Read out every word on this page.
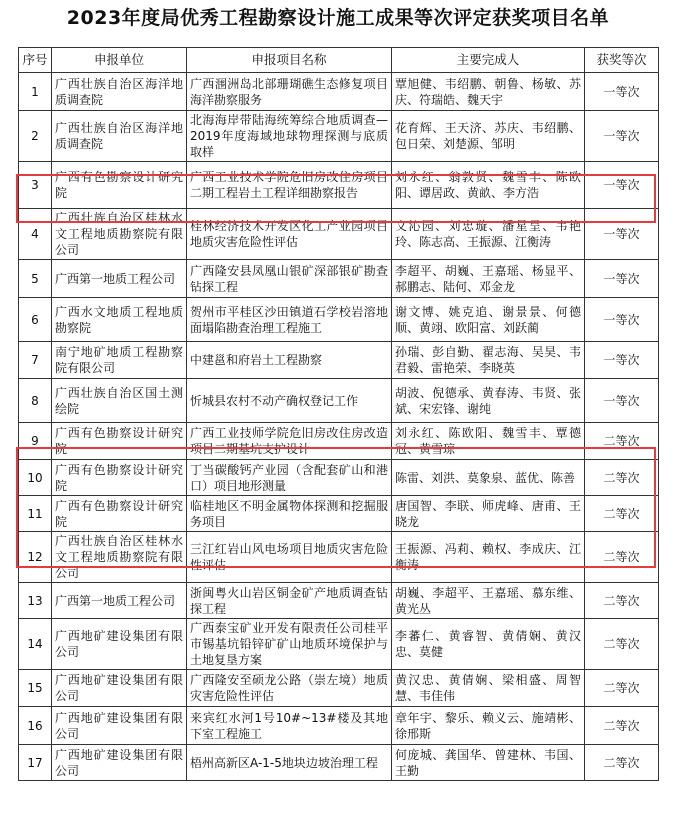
2023年度局优秀工程勘察设计施工成果等次评定获奖项目名单
序号	申报单位	申报项目名称	主要完成人	获奖等次
1	广西壮族自治区海洋地质调查院	广西涠洲岛北部珊瑚礁生态修复项目海洋勘察服务	覃旭健、韦绍鹏、朝鲁、杨敏、苏庆、符瑞皓、魏天宇	一等次
2	广西壮族自治区海洋地质调查院	北海海岸带陆海统筹综合地质调查—2019年度海域地球物理探测与底质取样	花育辉、王天济、苏庆、韦绍鹏、包日荣、刘楚源、邹明	一等次
3	广西有色勘察设计研究院	广西工业技术学院危旧房改住房项目二期工程岩土工程详细勘察报告	刘永红、翁敦贤、魏雪丰、陈欧阳、谭居政、黄畝、李方浩	一等次
4	广西壮族自治区桂林水文工程地质勘察院有限公司	桂林经济技术开发区化工产业园项目地质灾害危险性评估	文沁园、刘忠璇、潘星呈、韦艳玲、陈志高、王振源、江衡涛	一等次
5	广西第一地质工程公司	广西隆安县凤凰山银矿深部银矿勘查钻探工程	李超平、胡巍、王嘉瑶、杨显平、郝鹏志、陆何、邓金龙	一等次
6	广西水文地质工程地质勘察院	贺州市平桂区沙田镇道石学校岩溶地面塌陷勘查治理工程施工	谢文博、姚克追、谢景景、何德顺、黄翊、欧阳富、刘跃蔺	一等次
7	南宁地矿地质工程勘察院有限公司	中建邕和府岩土工程勘察	孙瑞、彭自勤、翟志海、吴昊、韦君毅、雷艳荣、李晓英	一等次
8	广西壮族自治区国土测绘院	忻城县农村不动产确权登记工作	胡波、倪德承、黄春涛、韦贤、张斌、宋宏锋、谢纯	一等次
9	广西有色勘察设计研究院	广西工业技师学院危旧房改住房改造项目二期基坑支护设计	刘永红、陈欧阳、魏雪丰、覃德冠、黄雪琼	二等次
10	广西有色勘察设计研究院	丁当碳酸钙产业园（含配套矿山和港口）项目地形测量	陈雷、刘洪、莫象泉、蓝优、陈善	二等次
11	广西有色勘察设计研究院	临桂地区不明金属物体探测和挖掘服务项目	唐国智、李联、师虎峰、唐甫、王晓龙	二等次
12	广西壮族自治区桂林水文工程地质勘察院有限公司	三江红岩山风电场项目地质灾害危险性评估	王振源、冯莉、赖权、李成庆、江衡涛	二等次
13	广西第一地质工程公司	浙闽粤火山岩区铜金矿产地质调查钻探工程	胡巍、李超平、王嘉瑶、慕东维、黄光丛	二等次
14	广西地矿建设集团有限公司	广西泰宝矿业开发有限责任公司桂平市锡基坑铅锌矿矿山地质环境保护与土地复垦方案	李蕃仁、黄睿智、黄倩娴、黄汉忠、莫健	二等次
15	广西地矿建设集团有限公司	广西隆安至硕龙公路（崇左境）地质灾害危险性评估	黄汉忠、黄倩娴、梁相盛、周智慧、韦佳伟	二等次
16	广西地矿建设集团有限公司	来宾红水河1号10#~13#楼及其地下室工程施工	章年宇、黎乐、赖义云、施靖彬、徐邢斯	二等次
17	广西地矿建设集团有限公司	梧州高新区A-1-5地块边坡治理工程	何庞城、龚国华、曾建林、韦国、王勤	二等次
